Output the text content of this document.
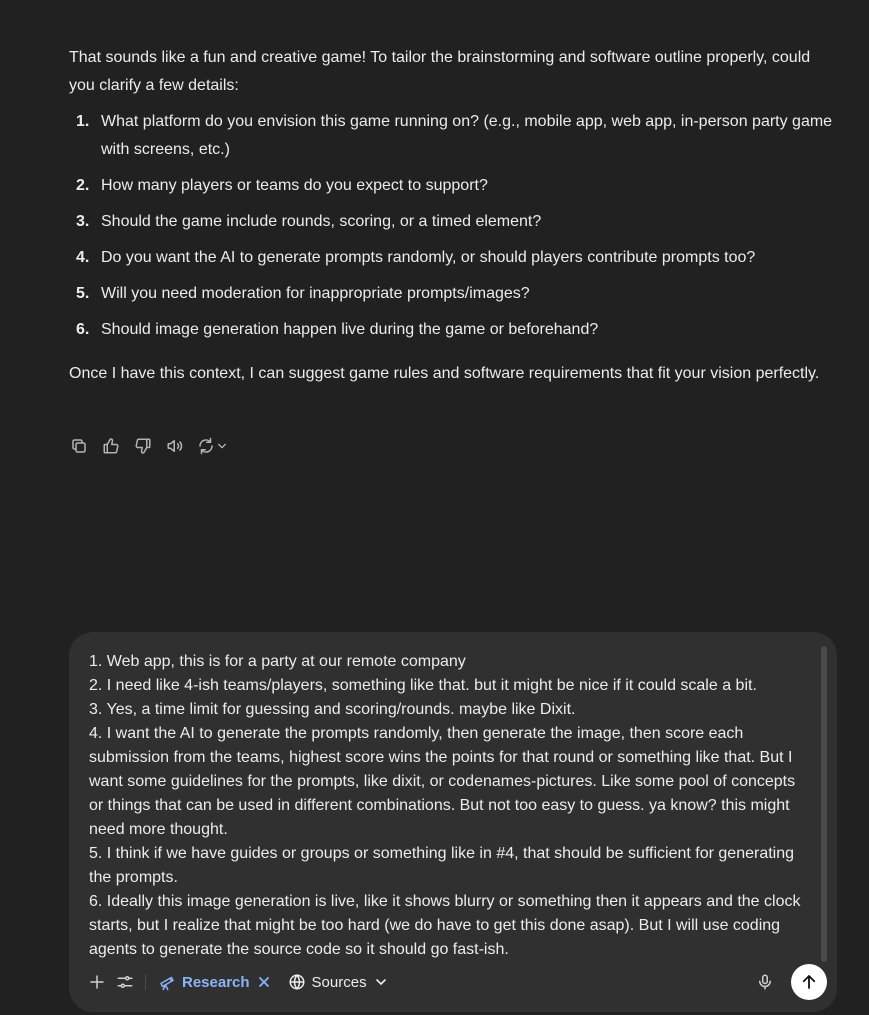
That sounds like a fun and creative game! To tailor the brainstorming and software outline properly, could you clarify a few details:

1. What platform do you envision this game running on? (e.g., mobile app, web app, in-person party game with screens, etc.)
2. How many players or teams do you expect to support?
3. Should the game include rounds, scoring, or a timed element?
4. Do you want the AI to generate prompts randomly, or should players contribute prompts too?
5. Will you need moderation for inappropriate prompts/images?
6. Should image generation happen live during the game or beforehand?

Once I have this context, I can suggest game rules and software requirements that fit your vision perfectly.

1. Web app, this is for a party at our remote company
2. I need like 4-ish teams/players, something like that. but it might be nice if it could scale a bit.
3. Yes, a time limit for guessing and scoring/rounds. maybe like Dixit.
4. I want the AI to generate the prompts randomly, then generate the image, then score each submission from the teams, highest score wins the points for that round or something like that. But I want some guidelines for the prompts, like dixit, or codenames-pictures. Like some pool of concepts or things that can be used in different combinations. But not too easy to guess. ya know? this might need more thought.
5. I think if we have guides or groups or something like in #4, that should be sufficient for generating the prompts.
6. Ideally this image generation is live, like it shows blurry or something then it appears and the clock starts, but I realize that might be too hard (we do have to get this done asap). But I will use coding agents to generate the source code so it should go fast-ish.
Research	Sources
